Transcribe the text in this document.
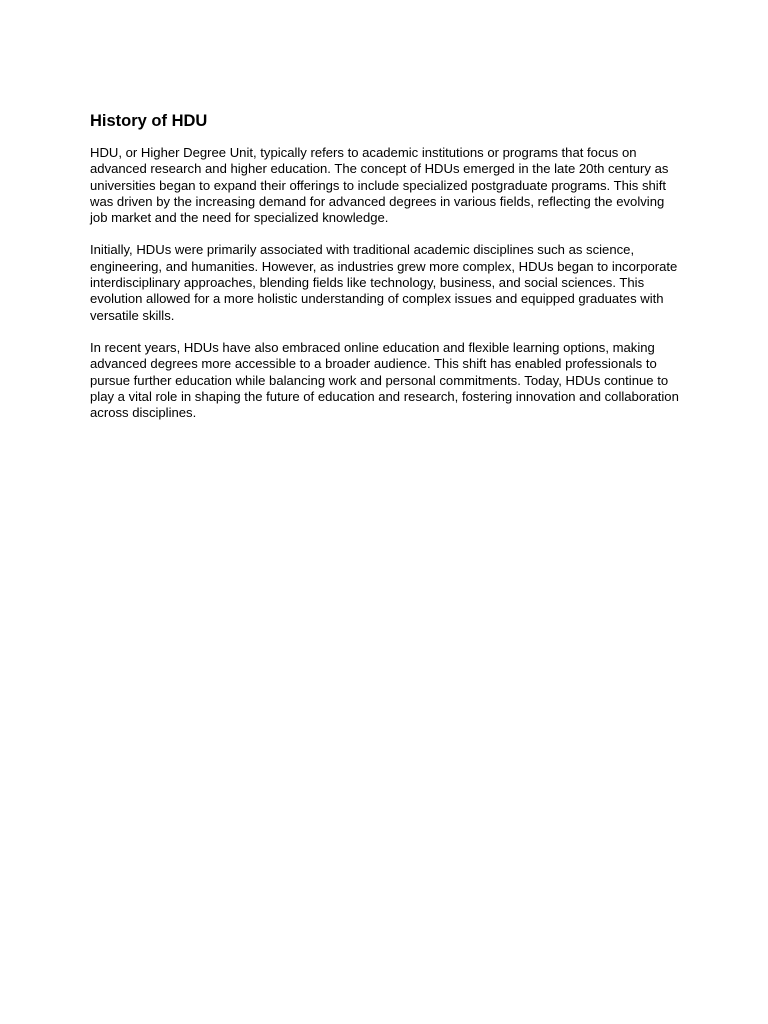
History of HDU

HDU, or Higher Degree Unit, typically refers to academic institutions or programs that focus on advanced research and higher education. The concept of HDUs emerged in the late 20th century as universities began to expand their offerings to include specialized postgraduate programs. This shift was driven by the increasing demand for advanced degrees in various fields, reflecting the evolving job market and the need for specialized knowledge.

Initially, HDUs were primarily associated with traditional academic disciplines such as science, engineering, and humanities. However, as industries grew more complex, HDUs began to incorporate interdisciplinary approaches, blending fields like technology, business, and social sciences. This evolution allowed for a more holistic understanding of complex issues and equipped graduates with versatile skills.

In recent years, HDUs have also embraced online education and flexible learning options, making advanced degrees more accessible to a broader audience. This shift has enabled professionals to pursue further education while balancing work and personal commitments. Today, HDUs continue to play a vital role in shaping the future of education and research, fostering innovation and collaboration across disciplines.
